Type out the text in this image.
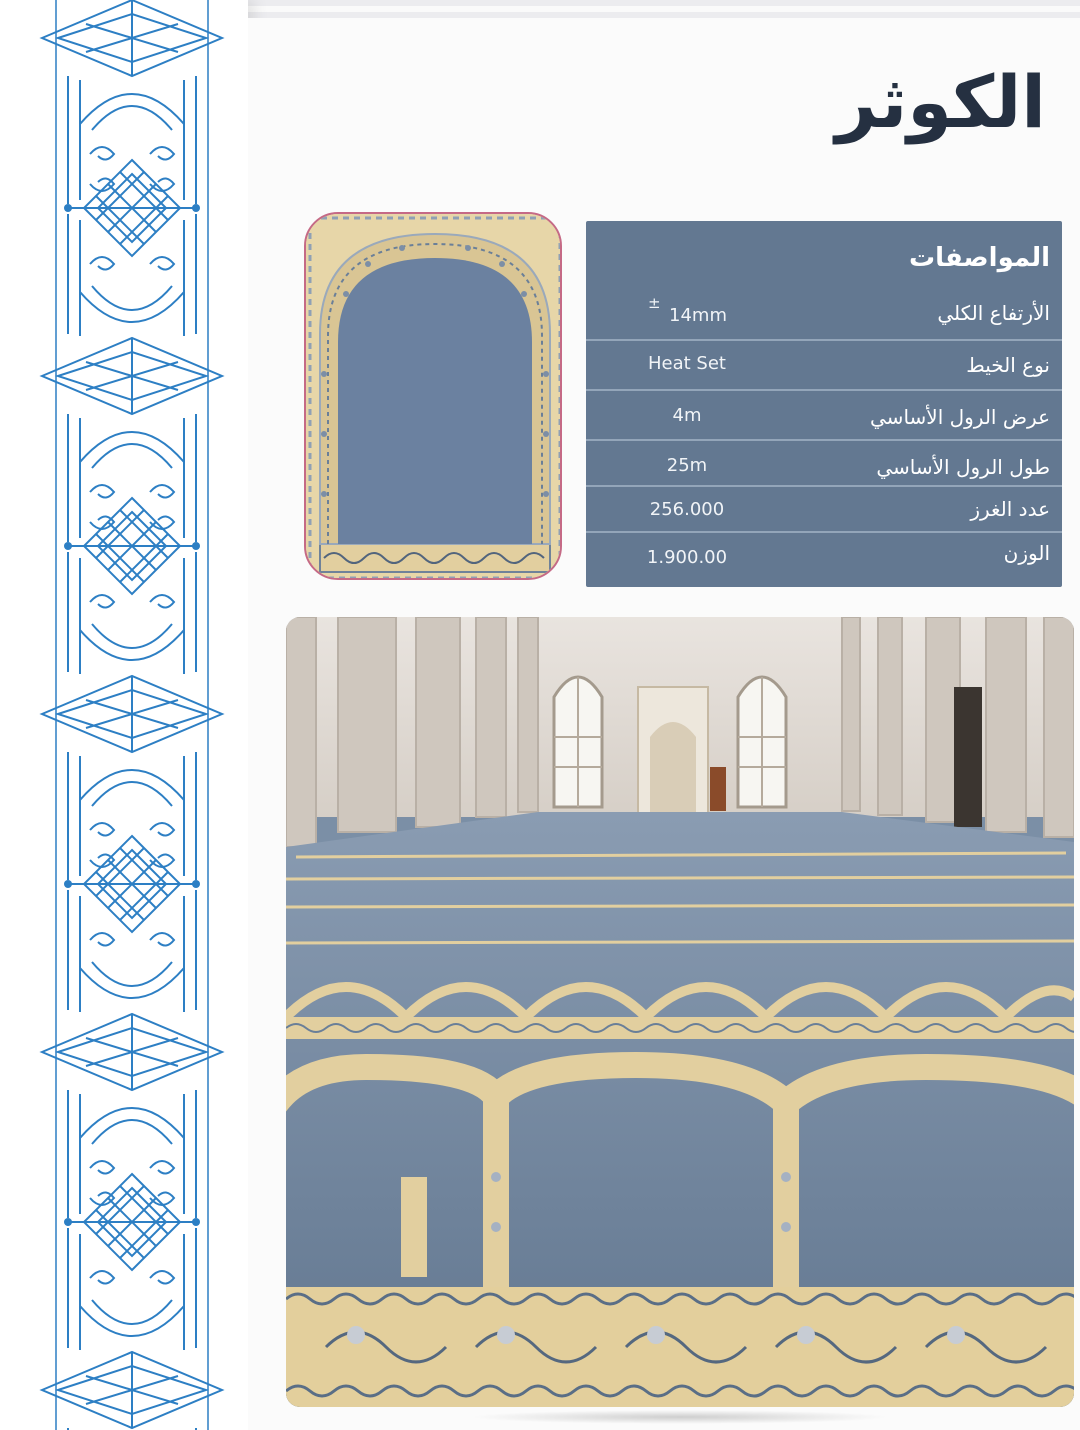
الكوثر
المواصفات
الأرتفاع الكلي
±
14mm
نوع الخيط
Heat Set
عرض الرول الأساسي
4m
طول الرول الأساسي
25m
عدد الغرز
256.000
الوزن
1.900.00
